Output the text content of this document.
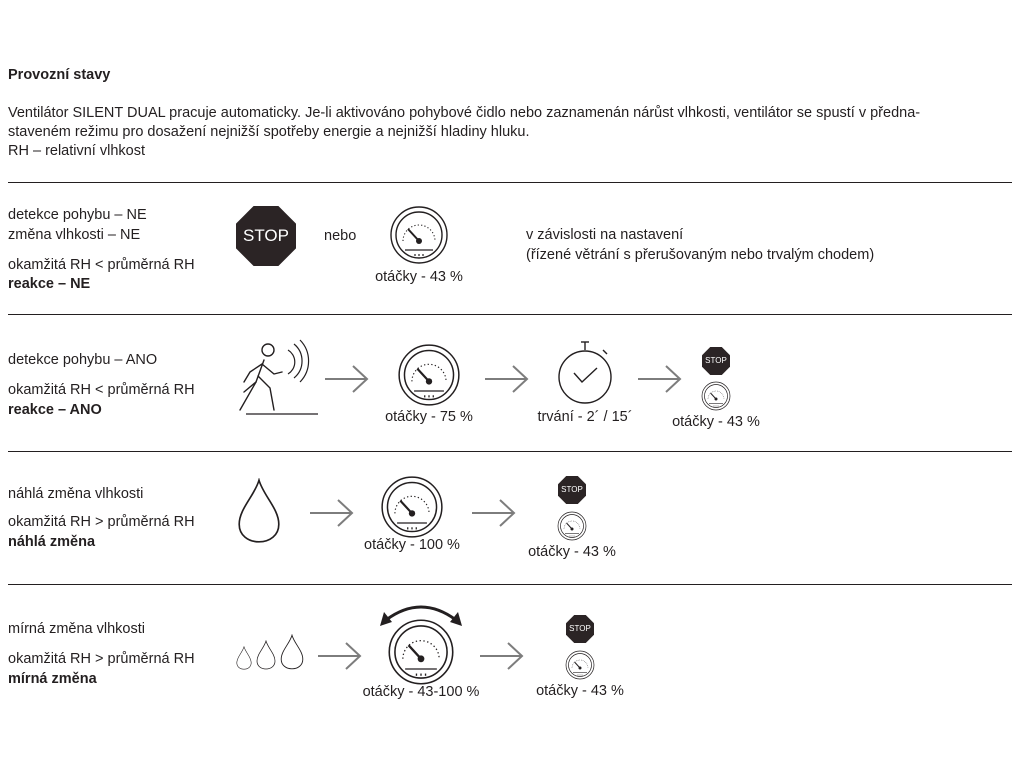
Provozní stavy
Ventilátor SILENT DUAL pracuje automaticky. Je-li aktivováno pohybové čidlo nebo zaznamenán nárůst vlhkosti, ventilátor se spustí v předna-
staveném režimu pro dosažení nejnižší spotřeby energie a nejnižší hladiny hluku.
RH – relativní vlhkost
detekce pohybu – NE
změna vlhkosti – NE
okamžitá RH < průměrná RH
reakce – NE
STOP	nebo
otáčky - 43 %
v závislosti na nastavení
(řízené větrání s přerušovaným nebo trvalým chodem)
detekce pohybu – ANO
okamžitá RH < průměrná RH
reakce – ANO	otáčky - 75 %	trvání - 2´ / 15´
STOP
otáčky - 43 %
náhlá změna vlhkosti
okamžitá RH > průměrná RH
náhlá změna	otáčky - 100 %
STOP
otáčky - 43 %
mírná změna vlhkosti
okamžitá RH > průměrná RH
mírná změna
otáčky - 43-100 %
STOP
otáčky - 43 %
